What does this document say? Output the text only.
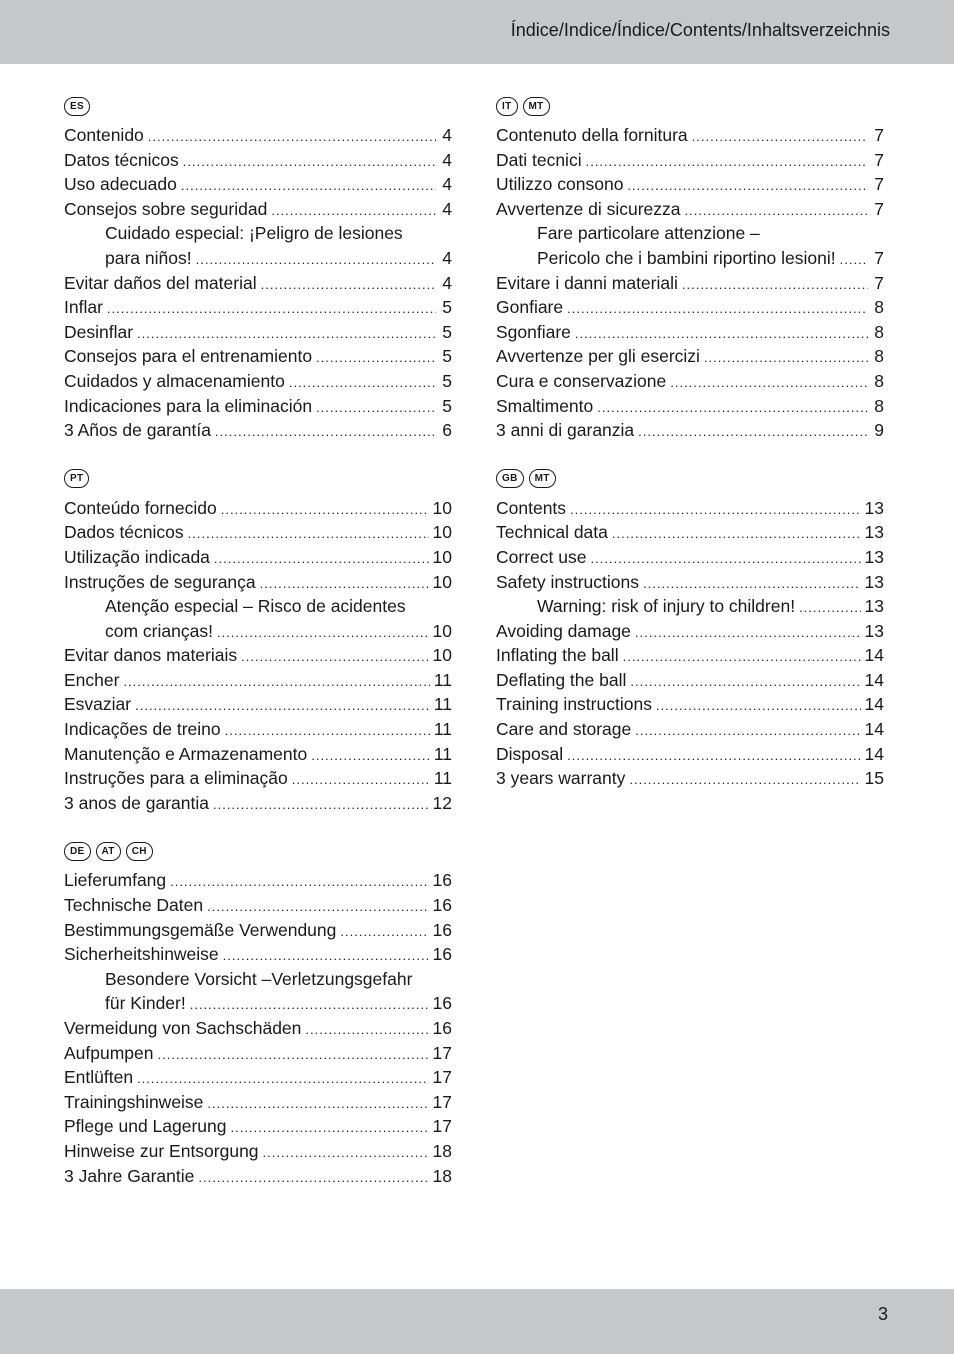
Índice/Indice/Índice/Contents/Inhaltsverzeichnis
ES
Contenido .....	4
Datos técnicos .....	4
Uso adecuado .....	4
Consejos sobre seguridad .....	4
Cuidado especial: ¡Peligro de lesiones
para niños! .....	4
Evitar daños del material .....	4
Inflar .....	5
Desinflar .....	5
Consejos para el entrenamiento .....	5
Cuidados y almacenamiento .....	5
Indicaciones para la eliminación .....	5
3 Años de garantía .....	6
PT
Conteúdo fornecido .....	10
Dados técnicos .....	10
Utilização indicada .....	10
Instruções de segurança .....	10
Atenção especial – Risco de acidentes
com crianças! .....	10
Evitar danos materiais .....	10
Encher .....	11
Esvaziar .....	11
Indicações de treino .....	11
Manutenção e Armazenamento .....	11
Instruções para a eliminação .....	11
3 anos de garantia .....	12
DE	AT	CH
Lieferumfang .....	16
Technische Daten .....	16
Bestimmungsgemäße Verwendung .....	16
Sicherheitshinweise .....	16
Besondere Vorsicht –Verletzungsgefahr
für Kinder! .....	16
Vermeidung von Sachschäden .....	16
Aufpumpen .....	17
Entlüften .....	17
Trainingshinweise .....	17
Pflege und Lagerung .....	17
Hinweise zur Entsorgung .....	18
3 Jahre Garantie .....	18
IT	MT
Contenuto della fornitura .....	7
Dati tecnici .....	7
Utilizzo consono .....	7
Avvertenze di sicurezza .....	7
Fare particolare attenzione –
Pericolo che i bambini riportino lesioni! ..... 7
Evitare i danni materiali .....	7
Gonfiare .....	8
Sgonfiare .....	8
Avvertenze per gli esercizi .....	8
Cura e conservazione .....	8
Smaltimento .....	8
3 anni di garanzia .....	9
GB	MT
Contents .....	13
Technical data .....	13
Correct use .....	13
Safety instructions .....	13
Warning: risk of injury to children! .....	13
Avoiding damage .....	13
Inflating the ball .....	14
Deflating the ball .....	14
Training instructions .....	14
Care and storage .....	14
Disposal .....	14
3 years warranty .....	15
3
